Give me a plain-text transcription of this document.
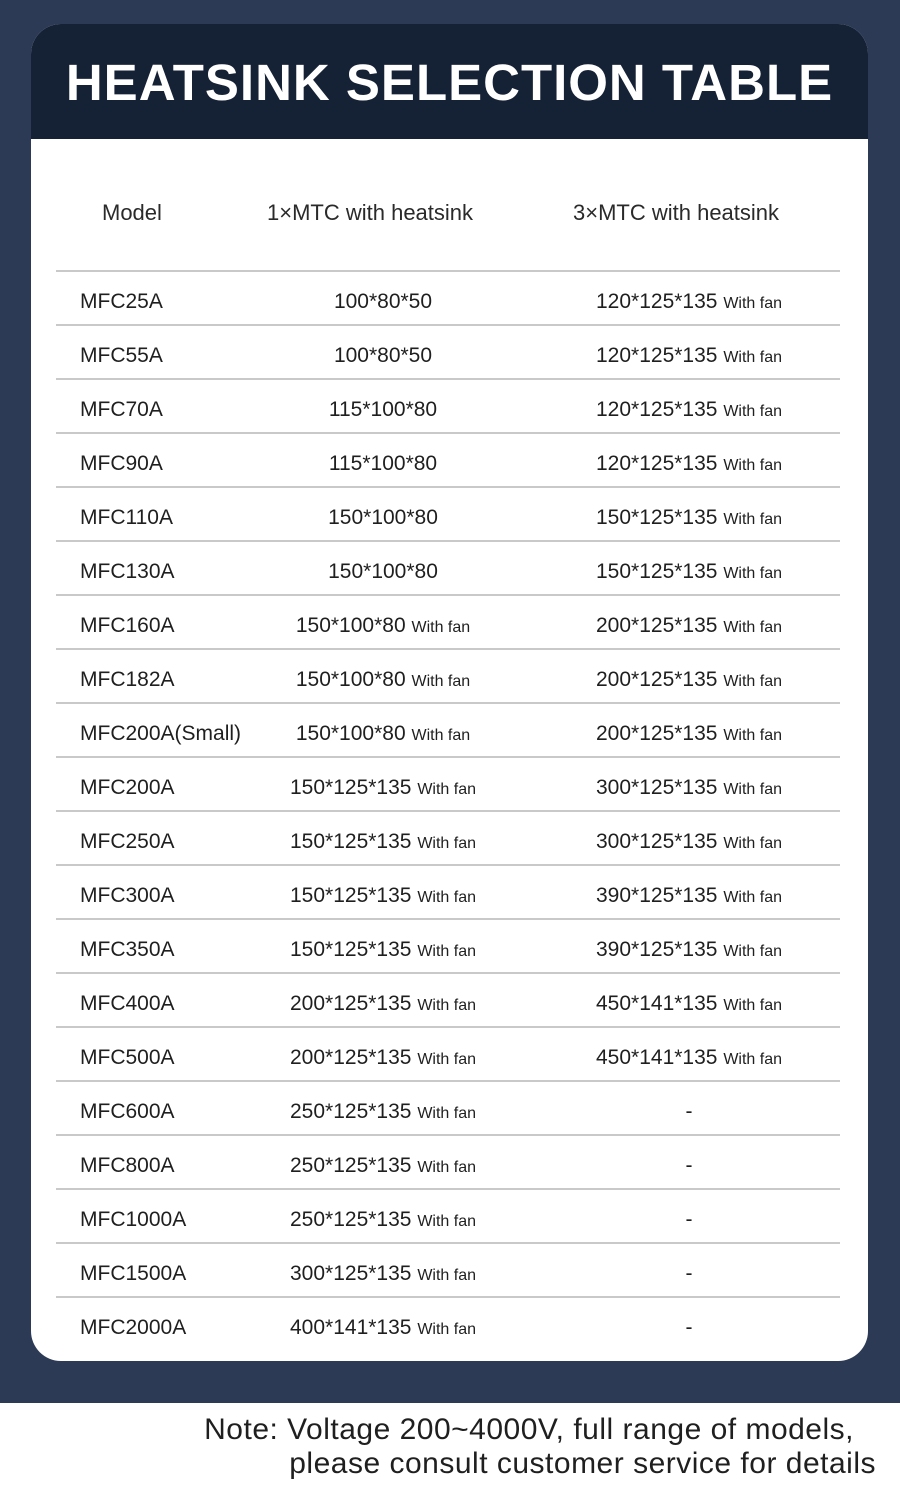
HEATSINK SELECTION TABLE
Model	1×MTC with heatsink	3×MTC with heatsink
MFC25A	100*80*50	120*125*135 With fan
MFC55A	100*80*50	120*125*135 With fan
MFC70A	115*100*80	120*125*135 With fan
MFC90A	115*100*80	120*125*135 With fan
MFC110A	150*100*80	150*125*135 With fan
MFC130A	150*100*80	150*125*135 With fan
MFC160A	150*100*80 With fan	200*125*135 With fan
MFC182A	150*100*80 With fan	200*125*135 With fan
MFC200A(Small)	150*100*80 With fan	200*125*135 With fan
MFC200A	150*125*135 With fan	300*125*135 With fan
MFC250A	150*125*135 With fan	300*125*135 With fan
MFC300A	150*125*135 With fan	390*125*135 With fan
MFC350A	150*125*135 With fan	390*125*135 With fan
MFC400A	200*125*135 With fan	450*141*135 With fan
MFC500A	200*125*135 With fan	450*141*135 With fan
MFC600A	250*125*135 With fan	-
MFC800A	250*125*135 With fan	-
MFC1000A	250*125*135 With fan	-
MFC1500A	300*125*135 With fan	-
MFC2000A	400*141*135 With fan	-
Note: Voltage 200~4000V, full range of models,
please consult customer service for details
